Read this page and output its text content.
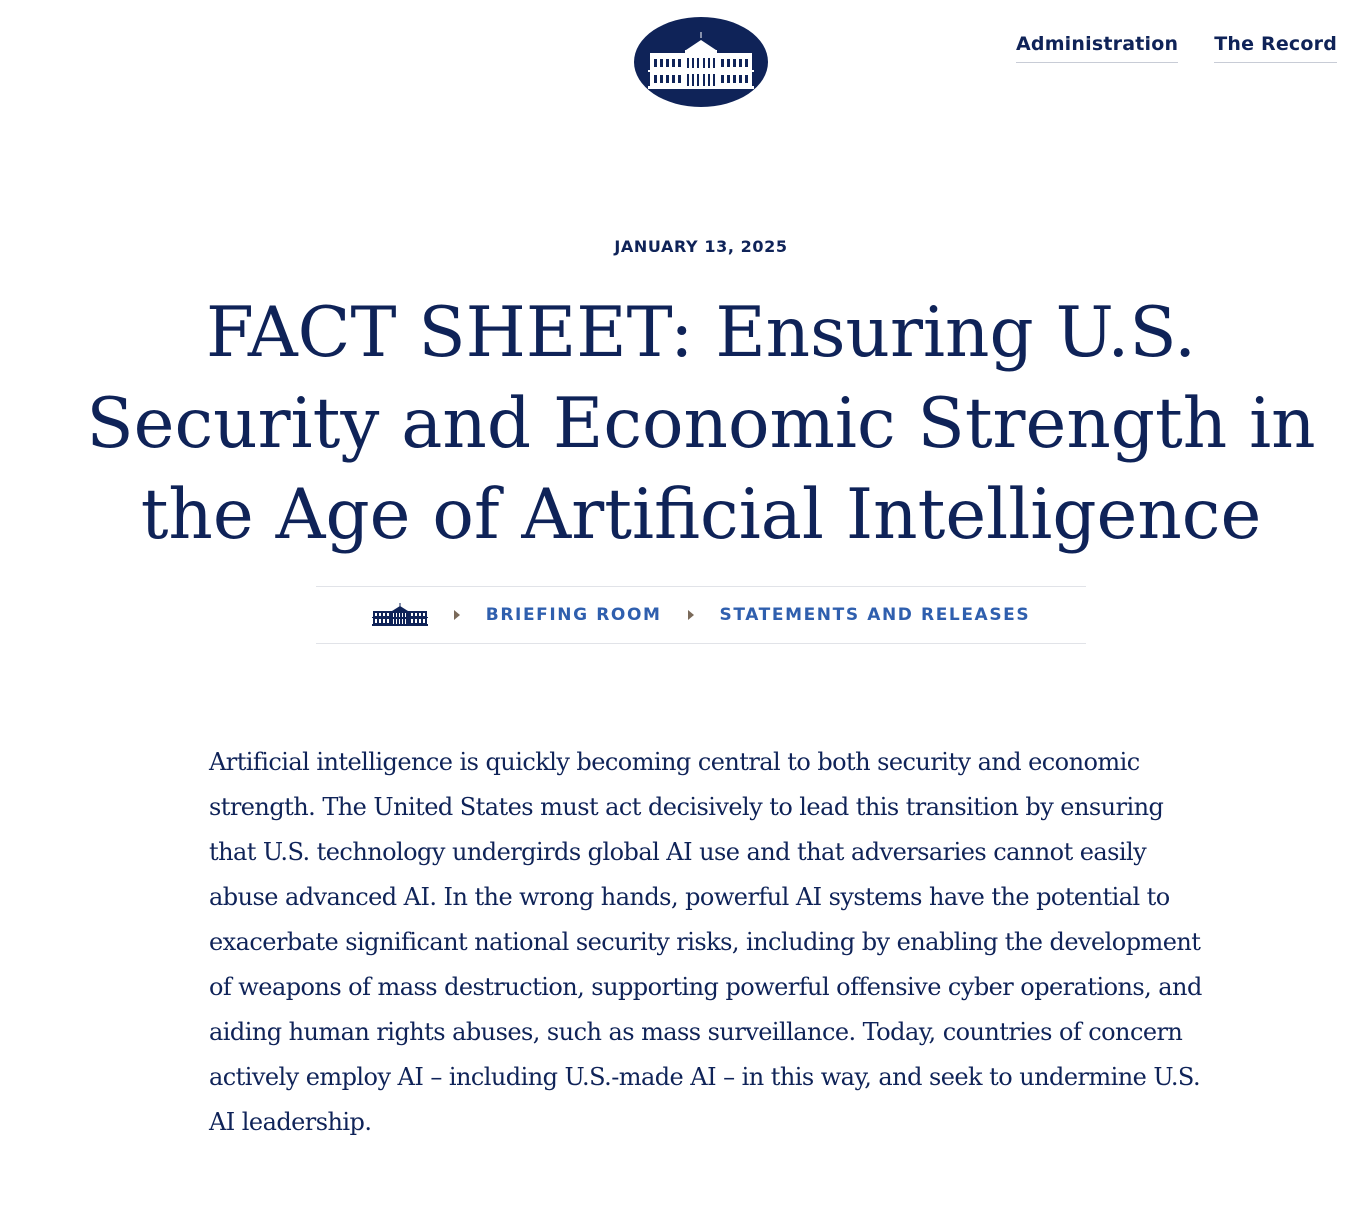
Administration The Record
JANUARY 13, 2025
FACT SHEET: Ensuring U.S. Security and Economic Strength in the Age of Artificial Intelligence
BRIEFING ROOM	STATEMENTS AND RELEASES

Artificial intelligence is quickly becoming central to both security and economic strength. The United States must act decisively to lead this transition by ensuring that U.S. technology undergirds global AI use and that adversaries cannot easily abuse advanced AI. In the wrong hands, powerful AI systems have the potential to exacerbate significant national security risks, including by enabling the development of weapons of mass destruction, supporting powerful offensive cyber operations, and aiding human rights abuses, such as mass surveillance. Today, countries of concern actively employ AI – including U.S.-made AI – in this way, and seek to undermine U.S. AI leadership.
